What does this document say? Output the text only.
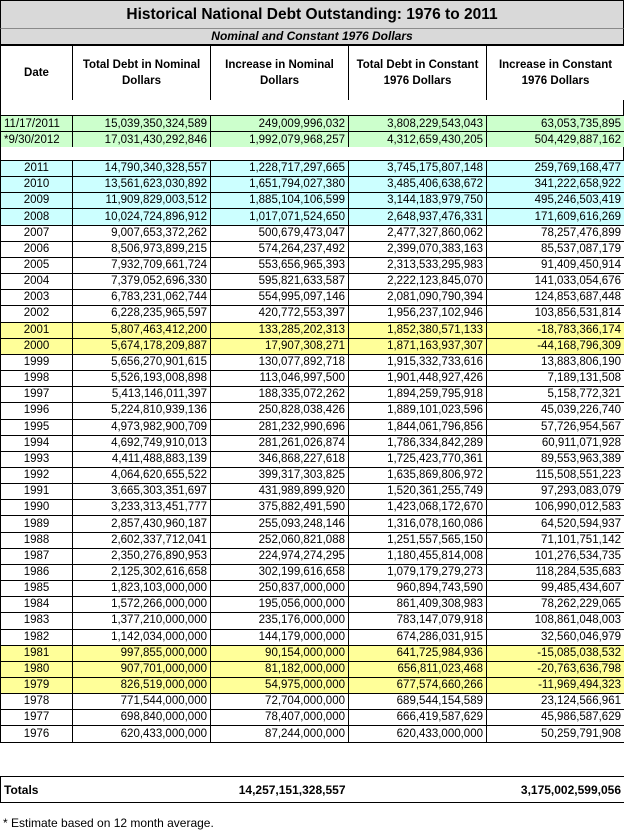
Historical National Debt Outstanding: 1976 to 2011
Nominal and Constant 1976 Dollars
Date	Total Debt in Nominal Dollars	Increase in Nominal Dollars	Total Debt in Constant 1976 Dollars	Increase in Constant 1976 Dollars
11/17/2011	15,039,350,324,589	249,009,996,032	3,808,229,543,043	63,053,735,895
*9/30/2012	17,031,430,292,846	1,992,079,968,257	4,312,659,430,205	504,429,887,162
2011	14,790,340,328,557	1,228,717,297,665	3,745,175,807,148	259,769,168,477
2010	13,561,623,030,892	1,651,794,027,380	3,485,406,638,672	341,222,658,922
2009	11,909,829,003,512	1,885,104,106,599	3,144,183,979,750	495,246,503,419
2008	10,024,724,896,912	1,017,071,524,650	2,648,937,476,331	171,609,616,269
2007	9,007,653,372,262	500,679,473,047	2,477,327,860,062	78,257,476,899
2006	8,506,973,899,215	574,264,237,492	2,399,070,383,163	85,537,087,179
2005	7,932,709,661,724	553,656,965,393	2,313,533,295,983	91,409,450,914
2004	7,379,052,696,330	595,821,633,587	2,222,123,845,070	141,033,054,676
2003	6,783,231,062,744	554,995,097,146	2,081,090,790,394	124,853,687,448
2002	6,228,235,965,597	420,772,553,397	1,956,237,102,946	103,856,531,814
2001	5,807,463,412,200	133,285,202,313	1,852,380,571,133	-18,783,366,174
2000	5,674,178,209,887	17,907,308,271	1,871,163,937,307	-44,168,796,309
1999	5,656,270,901,615	130,077,892,718	1,915,332,733,616	13,883,806,190
1998	5,526,193,008,898	113,046,997,500	1,901,448,927,426	7,189,131,508
1997	5,413,146,011,397	188,335,072,262	1,894,259,795,918	5,158,772,321
1996	5,224,810,939,136	250,828,038,426	1,889,101,023,596	45,039,226,740
1995	4,973,982,900,709	281,232,990,696	1,844,061,796,856	57,726,954,567
1994	4,692,749,910,013	281,261,026,874	1,786,334,842,289	60,911,071,928
1993	4,411,488,883,139	346,868,227,618	1,725,423,770,361	89,553,963,389
1992	4,064,620,655,522	399,317,303,825	1,635,869,806,972	115,508,551,223
1991	3,665,303,351,697	431,989,899,920	1,520,361,255,749	97,293,083,079
1990	3,233,313,451,777	375,882,491,590	1,423,068,172,670	106,990,012,583
1989	2,857,430,960,187	255,093,248,146	1,316,078,160,086	64,520,594,937
1988	2,602,337,712,041	252,060,821,088	1,251,557,565,150	71,101,751,142
1987	2,350,276,890,953	224,974,274,295	1,180,455,814,008	101,276,534,735
1986	2,125,302,616,658	302,199,616,658	1,079,179,279,273	118,284,535,683
1985	1,823,103,000,000	250,837,000,000	960,894,743,590	99,485,434,607
1984	1,572,266,000,000	195,056,000,000	861,409,308,983	78,262,229,065
1983	1,377,210,000,000	235,176,000,000	783,147,079,918	108,861,048,003
1982	1,142,034,000,000	144,179,000,000	674,286,031,915	32,560,046,979
1981	997,855,000,000	90,154,000,000	641,725,984,936	-15,085,038,532
1980	907,701,000,000	81,182,000,000	656,811,023,468	-20,763,636,798
1979	826,519,000,000	54,975,000,000	677,574,660,266	-11,969,494,323
1978	771,544,000,000	72,704,000,000	689,544,154,589	23,124,566,961
1977	698,840,000,000	78,407,000,000	666,419,587,629	45,986,587,629
1976	620,433,000,000	87,244,000,000	620,433,000,000	50,259,791,908
Totals		14,257,151,328,557		3,175,002,599,056
* Estimate based on 12 month average.
